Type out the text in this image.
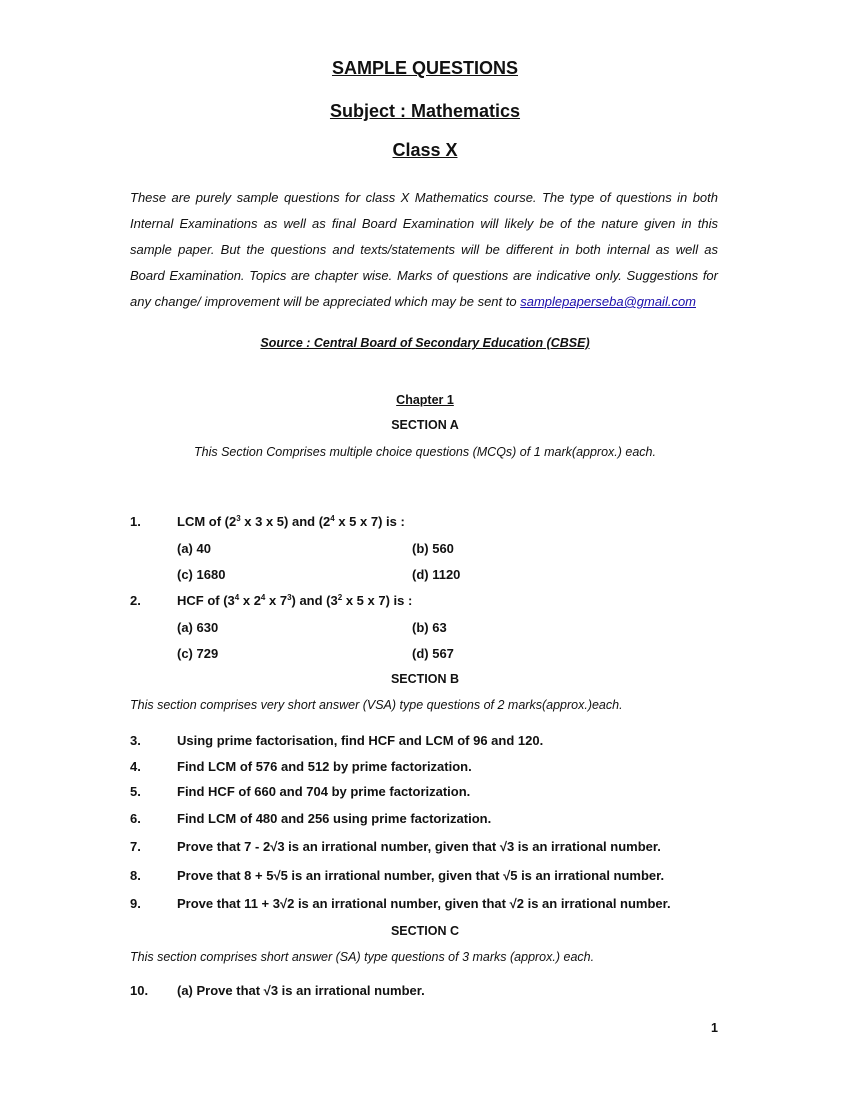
SAMPLE QUESTIONS
Subject : Mathematics
Class X
These are purely sample questions for class X Mathematics course. The type of questions in both
Internal Examinations as well as final Board Examination will likely be of the nature given in this
sample paper. But the questions and texts/statements will be different in both internal as well as
Board Examination. Topics are chapter wise. Marks of questions are indicative only. Suggestions for
any change/ improvement will be appreciated which may be sent to samplepaperseba@gmail.com
Source : Central Board of Secondary Education (CBSE)
Chapter 1
SECTION A
This Section Comprises multiple choice questions (MCQs) of 1 mark(approx.) each.
1.	LCM of ($2^3$ x 3 x 5) and ($2^4$ x 5 x 7) is :
(a) 40	(b) 560
(c) 1680	(d) 1120
2.	HCF of ($3^4$ x $2^4$ x $7^3$) and ($3^2$ x 5 x 7) is :
(a) 630	(b) 63
(c) 729	(d) 567
SECTION B
This section comprises very short answer (VSA) type questions of 2 marks(approx.)each.
3.	Using prime factorisation, find HCF and LCM of 96 and 120.
4.	Find LCM of 576 and 512 by prime factorization.
5.	Find HCF of 660 and 704 by prime factorization.
6.	Find LCM of 480 and 256 using prime factorization.
7.	Prove that 7 - 2√3 is an irrational number, given that √3 is an irrational number.
8.	Prove that 8 + 5√5 is an irrational number, given that √5 is an irrational number.
9.	Prove that 11 + 3√2 is an irrational number, given that √2 is an irrational number.
SECTION C
This section comprises short answer (SA) type questions of 3 marks (approx.) each.
10. (a) Prove that √3 is an irrational number.
1
